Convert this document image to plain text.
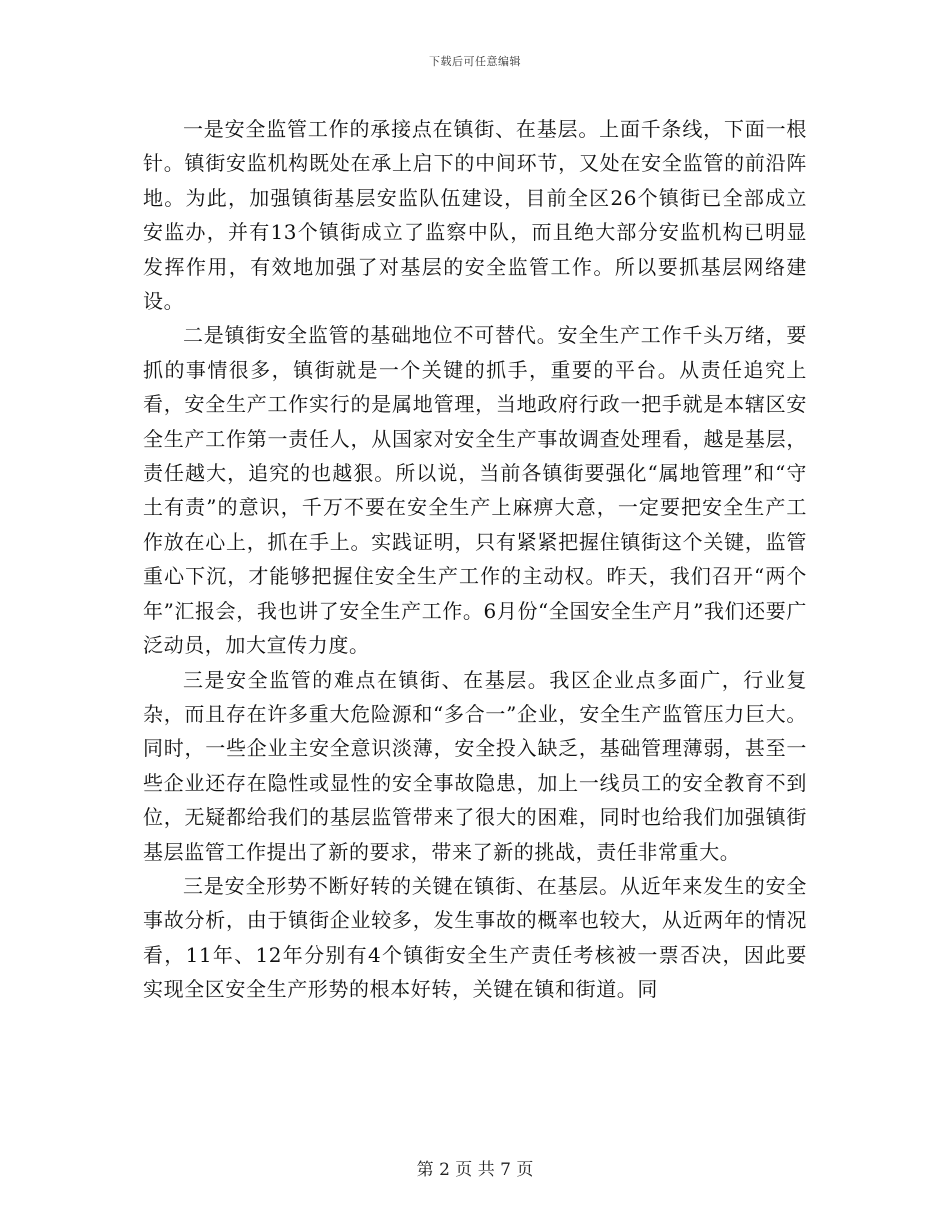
下载后可任意编辑

一是安全监管工作的承接点在镇街、在基层。上面千条线，下面一根针。镇街安监机构既处在承上启下的中间环节，又处在安全监管的前沿阵地。为此，加强镇街基层安监队伍建设，目前全区26个镇街已全部成立安监办，并有13个镇街成立了监察中队，而且绝大部分安监机构已明显发挥作用，有效地加强了对基层的安全监管工作。所以要抓基层网络建设。

二是镇街安全监管的基础地位不可替代。安全生产工作千头万绪，要抓的事情很多，镇街就是一个关键的抓手，重要的平台。从责任追究上看，安全生产工作实行的是属地管理，当地政府行政一把手就是本辖区安全生产工作第一责任人，从国家对安全生产事故调查处理看，越是基层，责任越大，追究的也越狠。所以说，当前各镇街要强化“属地管理”和“守土有责”的意识，千万不要在安全生产上麻痹大意，一定要把安全生产工作放在心上，抓在手上。实践证明，只有紧紧把握住镇街这个关键，监管重心下沉，才能够把握住安全生产工作的主动权。昨天，我们召开“两个年”汇报会，我也讲了安全生产工作。6月份“全国安全生产月”我们还要广泛动员，加大宣传力度。

三是安全监管的难点在镇街、在基层。我区企业点多面广，行业复杂，而且存在许多重大危险源和“多合一”企业，安全生产监管压力巨大。同时，一些企业主安全意识淡薄，安全投入缺乏，基础管理薄弱，甚至一些企业还存在隐性或显性的安全事故隐患，加上一线员工的安全教育不到位，无疑都给我们的基层监管带来了很大的困难，同时也给我们加强镇街基层监管工作提出了新的要求，带来了新的挑战，责任非常重大。

三是安全形势不断好转的关键在镇街、在基层。从近年来发生的安全事故分析，由于镇街企业较多，发生事故的概率也较大，从近两年的情况看，11年、12年分别有4个镇街安全生产责任考核被一票否决，因此要实现全区安全生产形势的根本好转，关键在镇和街道。同

第 2 页 共 7 页
